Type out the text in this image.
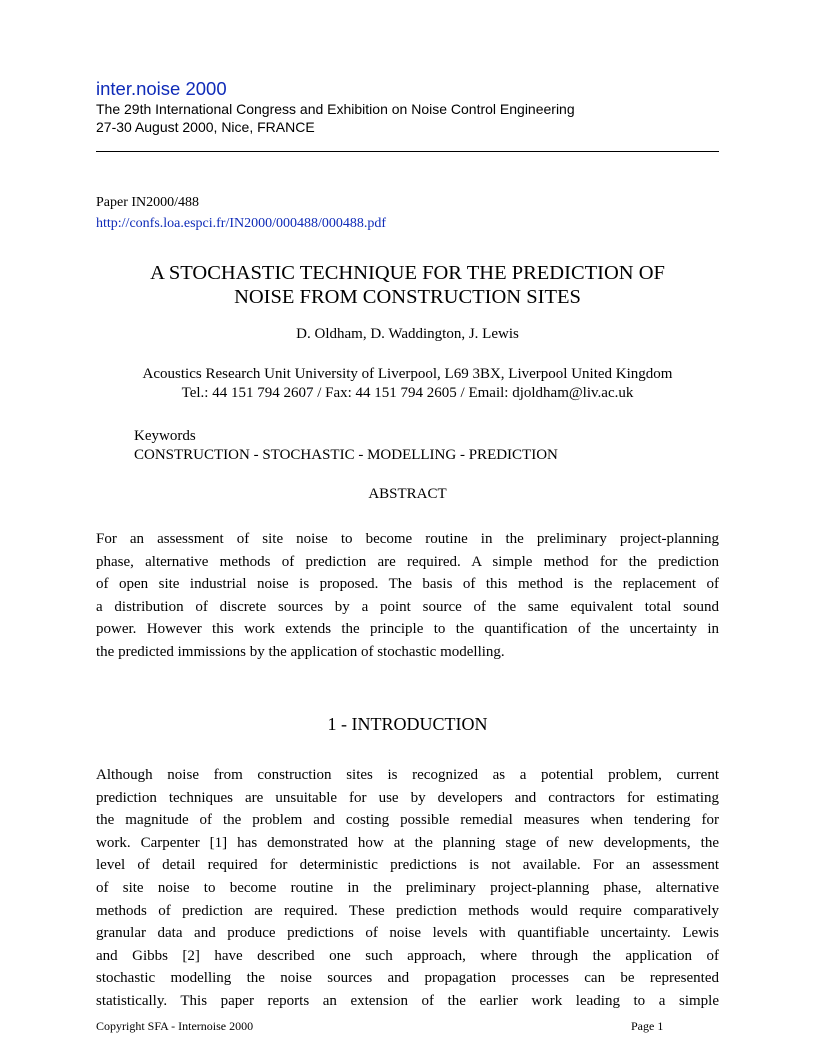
inter.noise 2000
The 29th International Congress and Exhibition on Noise Control Engineering
27-30 August 2000, Nice, FRANCE
Paper IN2000/488
http://confs.loa.espci.fr/IN2000/000488/000488.pdf
A STOCHASTIC TECHNIQUE FOR THE PREDICTION OF
NOISE FROM CONSTRUCTION SITES
D. Oldham, D. Waddington, J. Lewis
Acoustics Research Unit University of Liverpool, L69 3BX, Liverpool United Kingdom
Tel.: 44 151 794 2607 / Fax: 44 151 794 2605 / Email: djoldham@liv.ac.uk
Keywords
CONSTRUCTION - STOCHASTIC - MODELLING - PREDICTION
ABSTRACT
For an assessment of site noise to become routine in the preliminary project-planning
phase, alternative methods of prediction are required. A simple method for the prediction
of open site industrial noise is proposed. The basis of this method is the replacement of
a distribution of discrete sources by a point source of the same equivalent total sound
power. However this work extends the principle to the quantification of the uncertainty in
the predicted immissions by the application of stochastic modelling.
1 - INTRODUCTION
Although noise from construction sites is recognized as a potential problem, current
prediction techniques are unsuitable for use by developers and contractors for estimating
the magnitude of the problem and costing possible remedial measures when tendering for
work. Carpenter [1] has demonstrated how at the planning stage of new developments, the
level of detail required for deterministic predictions is not available. For an assessment
of site noise to become routine in the preliminary project-planning phase, alternative
methods of prediction are required. These prediction methods would require comparatively
granular data and produce predictions of noise levels with quantifiable uncertainty. Lewis
and Gibbs [2] have described one such approach, where through the application of
stochastic modelling the noise sources and propagation processes can be represented
statistically. This paper reports an extension of the earlier work leading to a simple
Copyright SFA - Internoise 2000	Page 1
